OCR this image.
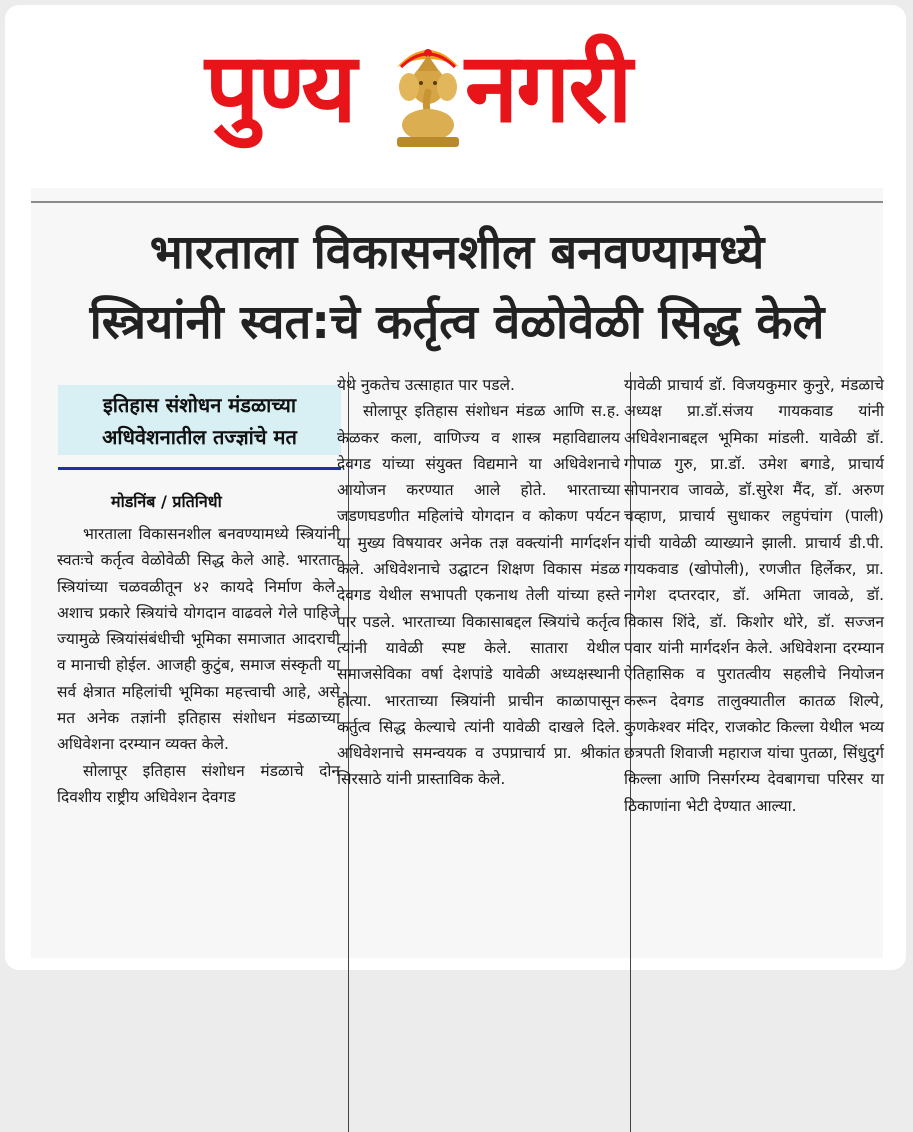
पुण्य नगरी
भारताला विकासनशील बनवण्यामध्ये
स्त्रियांनी स्वत:चे कर्तृत्व वेळोवेळी सिद्ध केले
इतिहास संशोधन मंडळाच्या
अधिवेशनातील तज्ज्ञांचे मत
मोडनिंब / प्रतिनिधी

भारताला विकासनशील बनवण्यामध्ये स्त्रियांनी स्वतःचे कर्तृत्व वेळोवेळी सिद्ध केले आहे. भारतात स्त्रियांच्या चळवळीतून ४२ कायदे निर्माण केले. अशाच प्रकारे स्त्रियांचे योगदान वाढवले गेले पाहिजे ज्यामुळे स्त्रियांसंबंधीची भूमिका समाजात आदराची व मानाची होईल. आजही कुटुंब, समाज संस्कृती या सर्व क्षेत्रात महिलांची भूमिका महत्त्वाची आहे, असे मत अनेक तज्ञांनी इतिहास संशोधन मंडळाच्या अधिवेशना दरम्यान व्यक्त केले.

सोलापूर इतिहास संशोधन मंडळाचे दोन दिवशीय राष्ट्रीय अधिवेशन देवगड

येथे नुकतेच उत्साहात पार पडले.

सोलापूर इतिहास संशोधन मंडळ आणि स.ह. केळकर कला, वाणिज्य व शास्त्र महाविद्यालय देवगड यांच्या संयुक्त विद्यमाने या अधिवेशनाचे आयोजन करण्यात आले होते. भारताच्या जडणघडणीत महिलांचे योगदान व कोकण पर्यटन या मुख्य विषयावर अनेक तज्ञ वक्त्यांनी मार्गदर्शन केले. अधिवेशनाचे उद्घाटन शिक्षण विकास मंडळ देवगड येथील सभापती एकनाथ तेली यांच्या हस्ते पार पडले. भारताच्या विकासाबद्दल स्त्रियांचे कर्तृत्व त्यांनी यावेळी स्पष्ट केले. सातारा येथील समाजसेविका वर्षा देशपांडे यावेळी अध्यक्षस्थानी होत्या. भारताच्या स्त्रियांनी प्राचीन काळापासून कर्तुत्व सिद्ध केल्याचे त्यांनी यावेळी दाखले दिले. अधिवेशनाचे समन्वयक व उपप्राचार्य प्रा. श्रीकांत सिरसाठे यांनी प्रास्ताविक केले.

यावेळी प्राचार्य डॉ. विजयकुमार कुनुरे, मंडळाचे अध्यक्ष प्रा.डॉ.संजय गायकवाड यांनी अधिवेशनाबद्दल भूमिका मांडली. यावेळी डॉ. गोपाळ गुरु, प्रा.डॉ. उमेश बगाडे, प्राचार्य सोपानराव जावळे, डॉ.सुरेश मैंद, डॉ. अरुण चव्हाण, प्राचार्य सुधाकर लहुपंचांग (पाली) यांची यावेळी व्याख्याने झाली. प्राचार्य डी.पी. गायकवाड (खोपोली), रणजीत हिर्लेकर, प्रा. नागेश दप्तरदार, डॉ. अमिता जावळे, डॉ. विकास शिंदे, डॉ. किशोर थोरे, डॉ. सज्जन पवार यांनी मार्गदर्शन केले. अधिवेशना दरम्यान ऐतिहासिक व पुरातत्वीय सहलीचे नियोजन करून देवगड तालुक्यातील कातळ शिल्पे, कुणकेश्वर मंदिर, राजकोट किल्ला येथील भव्य छत्रपती शिवाजी महाराज यांचा पुतळा, सिंधुदुर्ग किल्ला आणि निसर्गरम्य देवबागचा परिसर या ठिकाणांना भेटी देण्यात आल्या.
